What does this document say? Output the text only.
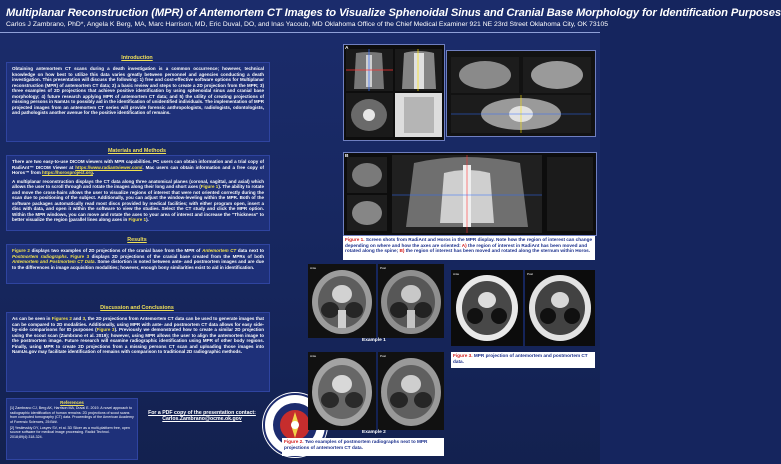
Multiplanar Reconstruction (MPR) of Antemortem CT Images to Visualize Sphenoidal Sinus and Cranial Base Morphology for Identification Purposes
Carlos J Zambrano, PhD*, Angela K Berg, MA, Marc Harrison, MD, Eric Duval, DO, and Inas Yacoub, MD Oklahoma Office of the Chief Medical Examiner 921 NE 23rd Street Oklahoma City, OK 73105
Introduction

Obtaining antemortem CT scans during a death investigation is a common occurrence; however, technical knowledge on how best to utilize this data varies greatly between personnel and agencies conducting a death investigation. This presentation will discuss the following: 1) free and cost-effective software options for Multiplanar reconstruction (MPR) of antemortem CT data; 2) a basic review and steps to create a 2D projection from the MPR; 3) three examples of 2D projections that achieve positive identification by using sphenoidal sinus and cranial base morphology; 4) future research applying MPR of antemortem CT data; and 5) the utility of creating projections of missing persons in NamUs to possibly aid in the identification of unidentified individuals. The implementation of MPR projected images from an antemortem CT series will provide forensic anthropologists, radiologists, odontologists, and pathologists another avenue for the positive identification of remains.

Materials and Methods

There are two easy-to-use DICOM viewers with MPR capabilities. PC users can obtain information and a trial copy of RadiAnt™ DICOM Viewer at https://www.radiantviewer.com/. Mac users can obtain information and a free copy of Horos™ from https://horosproject.org.

A multiplanar reconstruction displays the CT data along three anatomical planes (coronal, sagittal, and axial) which allows the user to scroll through and rotate the images along their long and short axes (Figure 1). The ability to rotate and move the cross-hairs allows the user to visualize regions of interest that were not oriented correctly during the scan due to positioning of the subject. Additionally, you can adjust the window-leveling within the MPR. Both of the software packages automatically read most discs provided by medical facilities; with either program open, insert a disc with data, and open it within the software to view the studies. Select the CT study and click the MPR option. Within the MPR windows, you can move and rotate the axes to your area of interest and increase the "Thickness" to better visualize the region (parallel lines along axes in Figure 1).

Results

Figure 2 displays two examples of 2D projections of the cranial base from the MPR of Antemortem CT data next to Postmortem radiographs. Figure 3 displays 2D projections of the cranial base created from the MPRs of both Antemortem and Postmortem CT Data. Some distortion is noted between ante- and postmortem images and are due to the differences in image acquisition modalities; however, enough bony similarities exist to aid in identification.

Discussion and Conclusions

As can be seen in Figures 2 and 3, the 2D projections from Antemortem CT data can be used to generate images that can be compared to 2D modalities. Additionally, using MPR with ante- and postmortem CT data allows for easy side-by-side comparisons for ID purposes (Figure 3). Previously we demonstrated how to create a similar 2D projection using the scout scan (Zambrano et al. 2019); however, using MPR allows the user to align the antemortem image to the postmortem image. Future research will examine radiographic identification using MPR of other body regions. Finally, using MPR to create 2D projections from a missing persons CT scan and uploading those images into NamUs.gov may facilitate identification of remains with comparison to traditional 2D radiographic methods.

References
[1] Zambrano CJ, Berg AK, Harrison MA, Duval E. 2019. A novel approach to radiographic identification of human remains: 2D projections of scout scans from computed tomography (CT) data. Proceedings of the American Academy of Forensic Sciences, 25:B##.
[2] Yesilevskiy DY, Losyev SV, et al. 3D Slicer as a multi-platform free, open source software for medical image processing. Radiol Technol. 2018;89(4):318-324.
For a PDF copy of the presentation contact:
Carlos.Zambrano@ocme.ok.gov
A
B
Figure 1. Screen shots from RadiAnt and Horos in the MPR display. Note how the region of interest can change depending on where and how the axes are oriented: A) the region of interest in RadiAnt has been moved and rotated along the spine; B) the region of interest has been moved and rotated along the sternum within Horos.
Example 1
Ante	Post
Example 2
Ante	Post
Figure 2. Two examples of postmortem radiographs next to MPR projections of antemortem CT data.
Ante	Post
Figure 3. MPR projection of antemortem and postmortem CT data.
